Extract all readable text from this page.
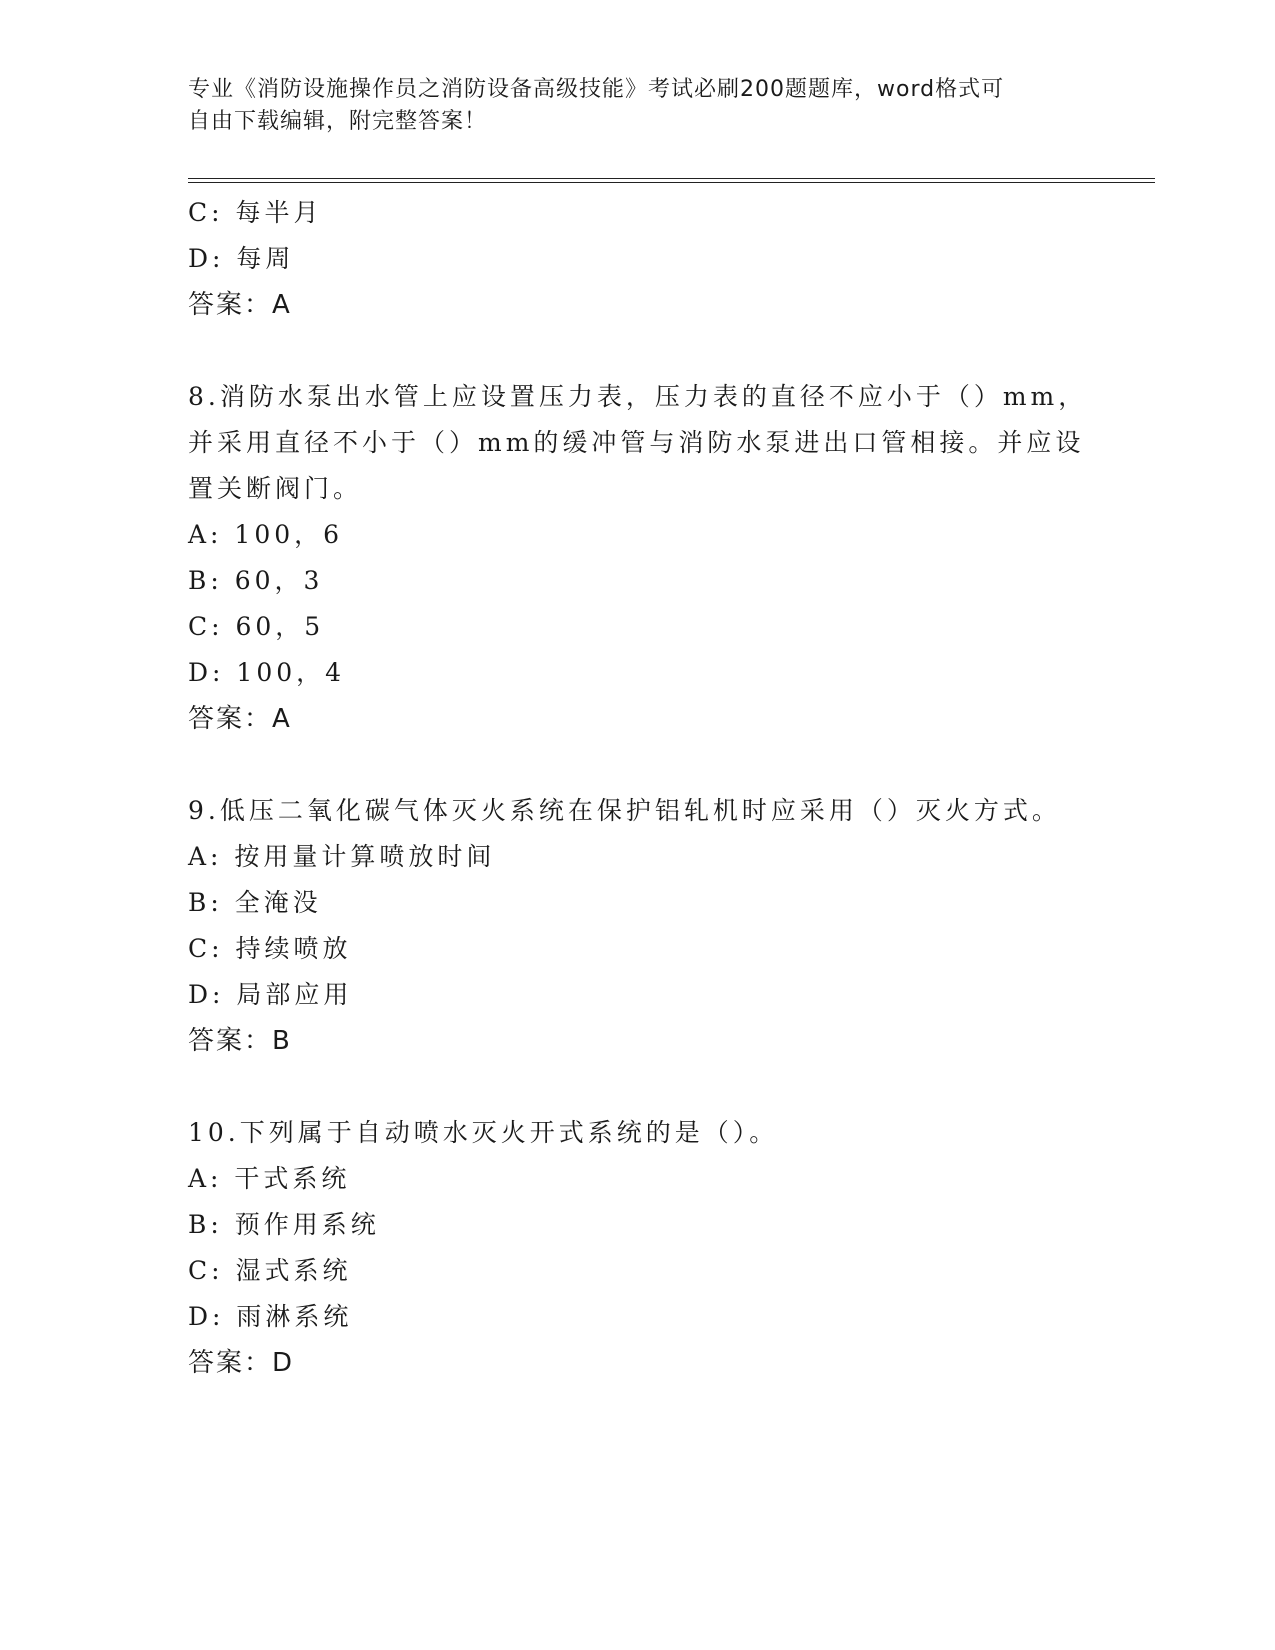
专业《消防设施操作员之消防设备高级技能》考试必刷200题题库，word格式可
自由下载编辑，附完整答案！
C: 每半月
D: 每周
答案：A
8.消防水泵出水管上应设置压力表，压力表的直径不应小于（）mm，
并采用直径不小于（）mm的缓冲管与消防水泵进出口管相接。并应设
置关断阀门。
A: 100，6
B: 60，3
C: 60，5
D: 100，4
答案：A
9.低压二氧化碳气体灭火系统在保护铝轧机时应采用（）灭火方式。
A: 按用量计算喷放时间
B: 全淹没
C: 持续喷放
D: 局部应用
答案：B
10.下列属于自动喷水灭火开式系统的是（）。
A: 干式系统
B: 预作用系统
C: 湿式系统
D: 雨淋系统
答案：D
